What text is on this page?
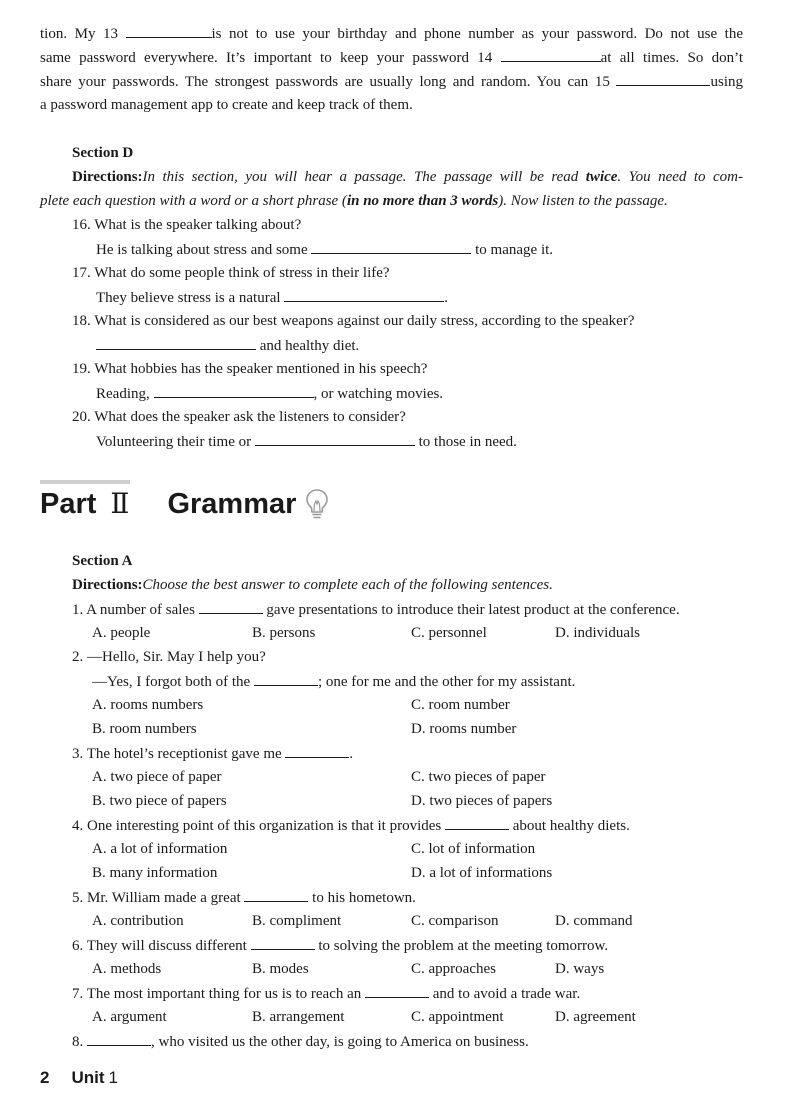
tion. My 13	is not to use your birthday and phone number as your password. Do not use the
same password everywhere. It’s important to keep your password 14	at all times. So don’t
share your passwords. The strongest passwords are usually long and random. You can 15	using
a password management app to create and keep track of them.
Section D
Directions:In this section, you will hear a passage. The passage will be read twice. You need to com-
plete each question with a word or a short phrase (in no more than 3 words). Now listen to the passage.
16. What is the speaker talking about?
He is talking about stress and some	to manage it.
17. What do some people think of stress in their life?
They believe stress is a natural	.
18. What is considered as our best weapons against our daily stress, according to the speaker?
and healthy diet.
19. What hobbies has the speaker mentioned in his speech?
Reading,	, or watching movies.
20. What does the speaker ask the listeners to consider?
Volunteering their time or	to those in need.
Part Ⅱ Grammar
Section A
Directions:Choose the best answer to complete each of the following sentences.
1. A number of sales	gave presentations to introduce their latest product at the conference.
A. people	B. persons	C. personnel	D. individuals
2. —Hello, Sir. May I help you?
—Yes, I forgot both of the	; one for me and the other for my assistant.
A. rooms numbers	C. room number
B. room numbers	D. rooms number
3. The hotel’s receptionist gave me	.
A. two piece of paper	C. two pieces of paper
B. two piece of papers	D. two pieces of papers
4. One interesting point of this organization is that it provides	about healthy diets.
A. a lot of information	C. lot of information
B. many information	D. a lot of informations
5. Mr. William made a great	to his hometown.
A. contribution	B. compliment	C. comparison	D. command
6. They will discuss different	to solving the problem at the meeting tomorrow.
A. methods	B. modes	C. approaches	D. ways
7. The most important thing for us is to reach an	and to avoid a trade war.
A. argument	B. arrangement	C. appointment	D. agreement
8.	, who visited us the other day, is going to America on business.
2 Unit 1
